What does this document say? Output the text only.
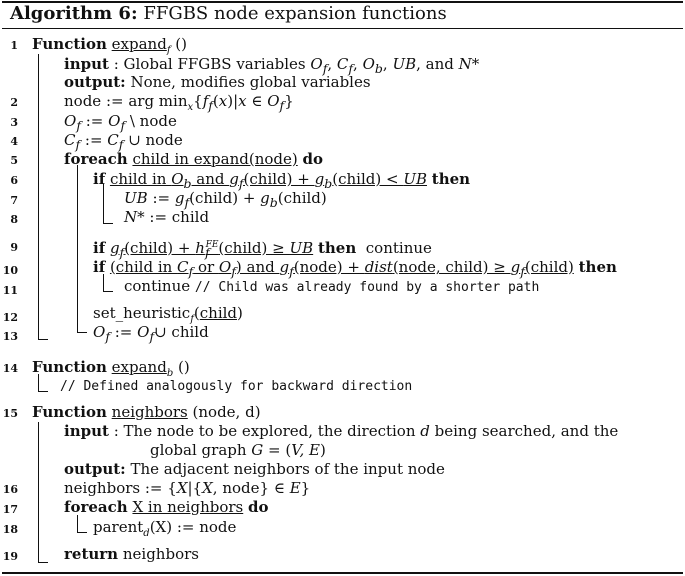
Algorithm 6: FFGBS node expansion functions
1
2
3
4
5
6
7
8
9
10
11
12
13
14
15
16
17
18
19
Function expand$_f$ ()
input : Global FFGBS variables $O_f$, $C_f$, $O_b$, UB, and N*
output: None, modifies global variables
node := arg $\min_x\{f_f(x)|x$ ∈ $O_f$}
$O_f$ := $O_f$ \ node
$C_f$ := $C_f$ ∪ node
foreach child in expand(node) do
if child in $O_b$ and $g_f(child)$ + $g_b(child)$ < UB then
UB := $g_f(child)$ + $g_b(child)$
N* := child
if $g_f(child)$ + $h_f^{FE}(child)$ ≥ UB then continue
if (child in $C_f$ or $O_f$) and $g_f(node)$ + dist(node, child) ≥ $g_f(child)$ then
continue // Child was already found by a shorter path
set_heuristic$_f$(child)
$O_f$ := $O_f\cup$ child
Function expand$_b$ ()
// Defined analogously for backward direction
Function neighbors (node, d)
input : The node to be explored, the direction d being searched, and the
global graph G = (V, E)
output: The adjacent neighbors of the input node
neighbors := {X|{X, node} ∈ E}
foreach X in neighbors do
parent$_d$(X) := node
return neighbors
